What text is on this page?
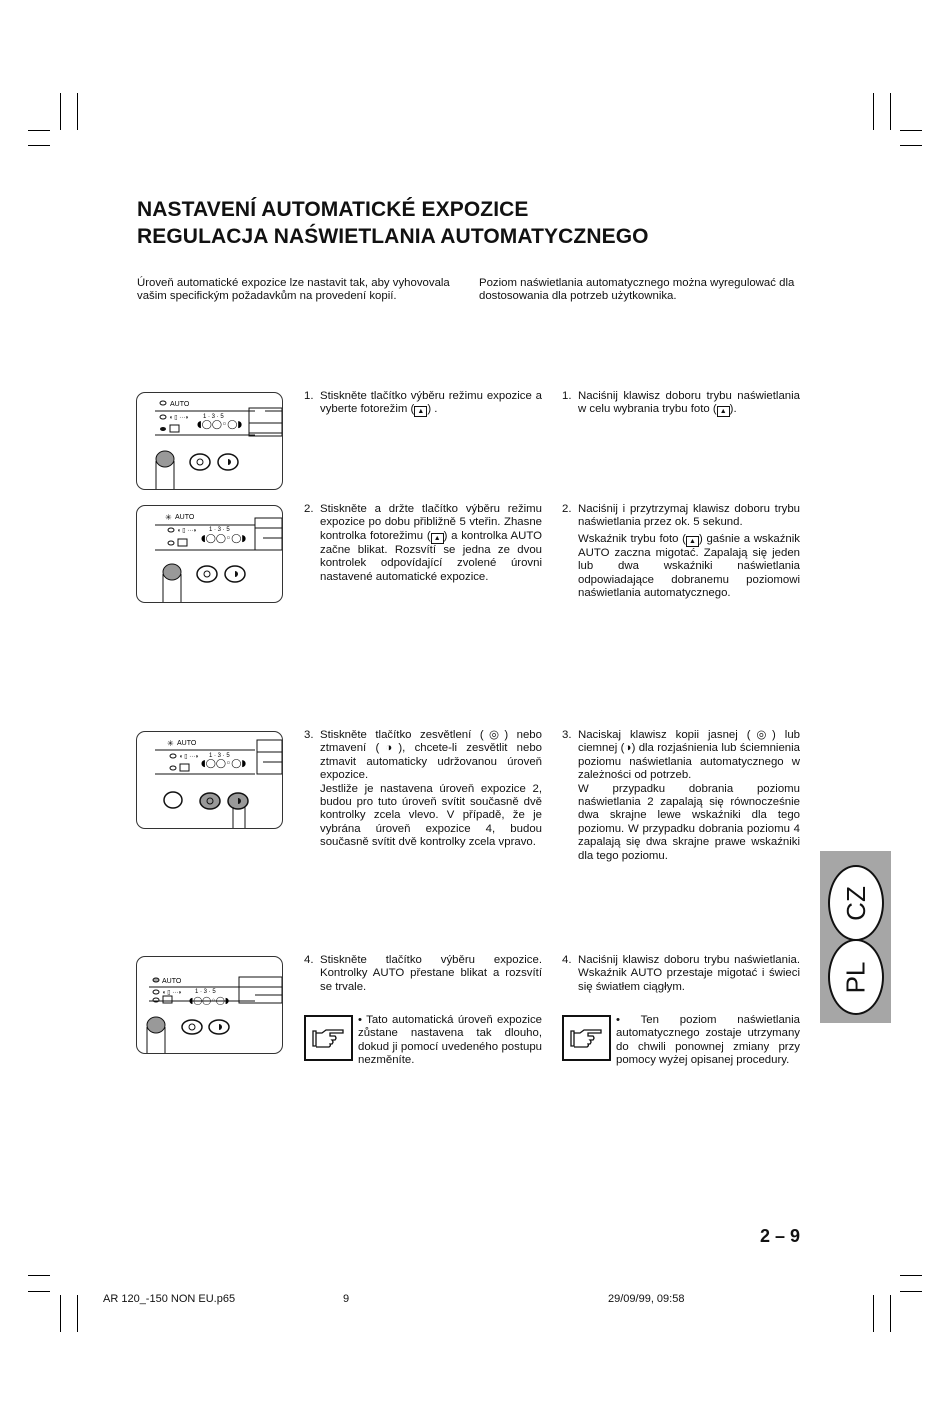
NASTAVENÍ AUTOMATICKÉ EXPOZICE
REGULACJA NAŚWIETLANIA AUTOMATYCZNEGO
Úroveň automatické expozice lze nastavit tak, aby vyhovovala vašim specifickým požadavkům na provedení kopií.
Poziom naświetlania automatycznego można wyregulować dla dostosowania dla potrzeb użytkownika.
AUTO
◖ ▯ ···◗ 1 · 3 · 5
◖◯◯◦◯◗
✳ AUTO
◖ ▯ ···◗ 1 · 3 · 5
◖◯◯◦◯◗
✳ AUTO
◖ ▯ ···◗ 1 · 3 · 5
◖◯◯◦◯◗
AUTO
◖ ▯ ···◗ 1 · 3 · 5
◖◯◯◦◯◗
1. Stiskněte tlačítko výběru režimu expozice a vyberte fotorežim ( ▲ ) .
1. Naciśnij klawisz doboru trybu naświetlania w celu wybrania trybu foto ( ▲ ).
2. Stiskněte a držte tlačítko výběru režimu expozice po dobu přibližně 5 vteřin. Zhasne kontrolka fotorežimu ( ▲ ) a kontrolka AUTO začne blikat. Rozsvítí se jedna ze dvou kontrolek odpovídající zvolené úrovni nastavené automatické expozice.
2. Naciśnij i przytrzymaj klawisz doboru trybu naświetlania przez ok. 5 sekund.
Wskaźnik trybu foto ( ▲ ) gaśnie a wskaźnik AUTO zaczna migotać. Zapalają się jeden lub dwa wskaźniki naświetlania odpowiadające dobranemu poziomowi naświetlania automatycznego.
3. Stiskněte tlačítko zesvětlení (◎) nebo ztmavení (◑), chcete-li zesvětlit nebo ztmavit automaticky udržovanou úroveň expozice.
Jestliže je nastavena úroveň expozice 2, budou pro tuto úroveň svítit současně dvě kontrolky zcela vlevo. V případě, že je vybrána úroveň expozice 4, budou současně svítit dvě kontrolky zcela vpravo.
3. Naciskaj klawisz kopii jasnej (◎) lub ciemnej (◑) dla rozjaśnienia lub ściemnienia poziomu naświetlania automatycznego w zależności od potrzeb.
W przypadku dobrania poziomu naświetlania 2 zapalają się równocześnie dwa skrajne lewe wskaźniki dla tego poziomu. W przypadku dobrania poziomu 4 zapalają się dwa skrajne prawe wskaźniki dla tego poziomu.
4. Stiskněte tlačítko výběru expozice. Kontrolky AUTO přestane blikat a rozsvítí se trvale.
4. Naciśnij klawisz doboru trybu naświetlania. Wskaźnik AUTO przestaje migotać i świeci się światłem ciągłym.
• Tato automatická úroveň expozice zůstane nastavena tak dlouho, dokud ji pomocí uvedeného postupu nezměníte.
• Ten poziom naświetlania automatycznego zostaje utrzymany do chwili ponownej zmiany przy pomocy wyżej opisanej procedury.
CZ
PL
2 – 9
AR 120_-150 NON EU.p65	9	29/09/99, 09:58
